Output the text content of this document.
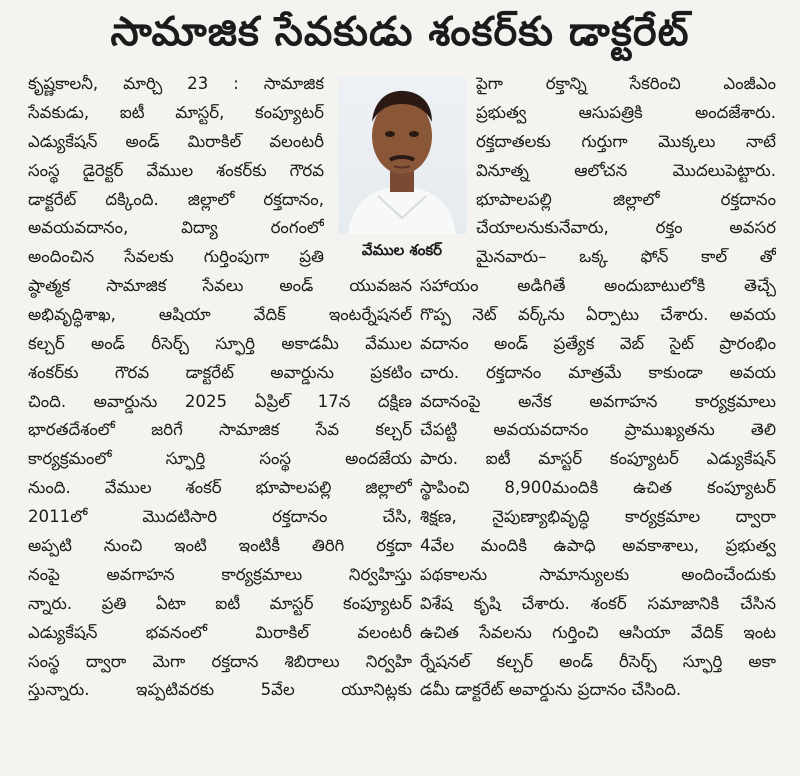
సామాజిక సేవకుడు శంకర్‌కు డాక్టరేట్
కృష్ణకాలనీ, మార్చి 23 : సామాజిక
సేవకుడు, ఐటీ మాస్టర్, కంప్యూటర్
ఎడ్యుకేషన్ అండ్ మిరాకిల్ వలంటరీ
సంస్థ డైరెక్టర్ వేముల శంకర్‌కు గౌరవ
డాక్టరేట్ దక్కింది. జిల్లాలో రక్తదానం,
అవయవదానం, విద్యా రంగంలో
అందించిన సేవలకు గుర్తింపుగా ప్రతి
ష్ఠాత్మక సామాజిక సేవలు అండ్ యువజన
అభివృద్ధిశాఖ, ఆషియా వేదిక్ ఇంటర్నేషనల్
కల్చర్ అండ్ రీసెర్చ్ స్ఫూర్తి అకాడమీ వేముల
శంకర్‌కు గౌరవ డాక్టరేట్ అవార్డును ప్రకటిం
చింది. అవార్డును 2025 ఏప్రిల్ 17న దక్షిణ
భారతదేశంలో జరిగే సామాజిక సేవ కల్చర్
కార్యక్రమంలో స్ఫూర్తి సంస్థ అందజేయ
నుంది. వేముల శంకర్ భూపాలపల్లి జిల్లాలో
2011లో మొదటిసారి రక్తదానం చేసి,
అప్పటి నుంచి ఇంటి ఇంటికీ తిరిగి రక్తదా
నంపై అవగాహన కార్యక్రమాలు నిర్వహిస్తు
న్నారు. ప్రతి ఏటా ఐటీ మాస్టర్ కంప్యూటర్
ఎడ్యుకేషన్ భవనంలో మిరాకిల్ వలంటరీ
సంస్థ ద్వారా మెగా రక్తదాన శిబిరాలు నిర్వహి
స్తున్నారు. ఇప్పటివరకు 5వేల యూనిట్లకు
పైగా రక్తాన్ని సేకరించి ఎంజీఎం
ప్రభుత్వ ఆసుపత్రికి అందజేశారు.
రక్తదాతలకు గుర్తుగా మొక్కలు నాటే
వినూత్న ఆలోచన మొదలుపెట్టారు.
భూపాలపల్లి జిల్లాలో రక్తదానం
చేయాలనుకునేవారు, రక్తం అవసర
మైనవారు– ఒక్క ఫోన్ కాల్ తో
సహాయం అడిగితే అందుబాటులోకి తెచ్చే
గొప్ప నెట్ వర్క్‌ను ఏర్పాటు చేశారు. అవయ
వదానం అండ్ ప్రత్యేక వెబ్ సైట్ ప్రారంభిం
చారు. రక్తదానం మాత్రమే కాకుండా అవయ
వదానంపై అనేక అవగాహన కార్యక్రమాలు
చేపట్టి అవయవదానం ప్రాముఖ్యతను తెలి
పారు. ఐటీ మాస్టర్ కంప్యూటర్ ఎడ్యుకేషన్
స్థాపించి 8,900మందికి ఉచిత కంప్యూటర్
శిక్షణ, నైపుణ్యాభివృద్ధి కార్యక్రమాల ద్వారా
4వేల మందికి ఉపాధి అవకాశాలు, ప్రభుత్వ
పథకాలను సామాన్యులకు అందించేందుకు
విశేష కృషి చేశారు. శంకర్ సమాజానికి చేసిన
ఉచిత సేవలను గుర్తించి ఆసియా వేదిక్ ఇంట
ర్నేషనల్ కల్చర్ అండ్ రీసెర్చ్ స్ఫూర్తి అకా
డమీ డాక్టరేట్ అవార్డును ప్రదానం చేసింది.
వేముల శంకర్
